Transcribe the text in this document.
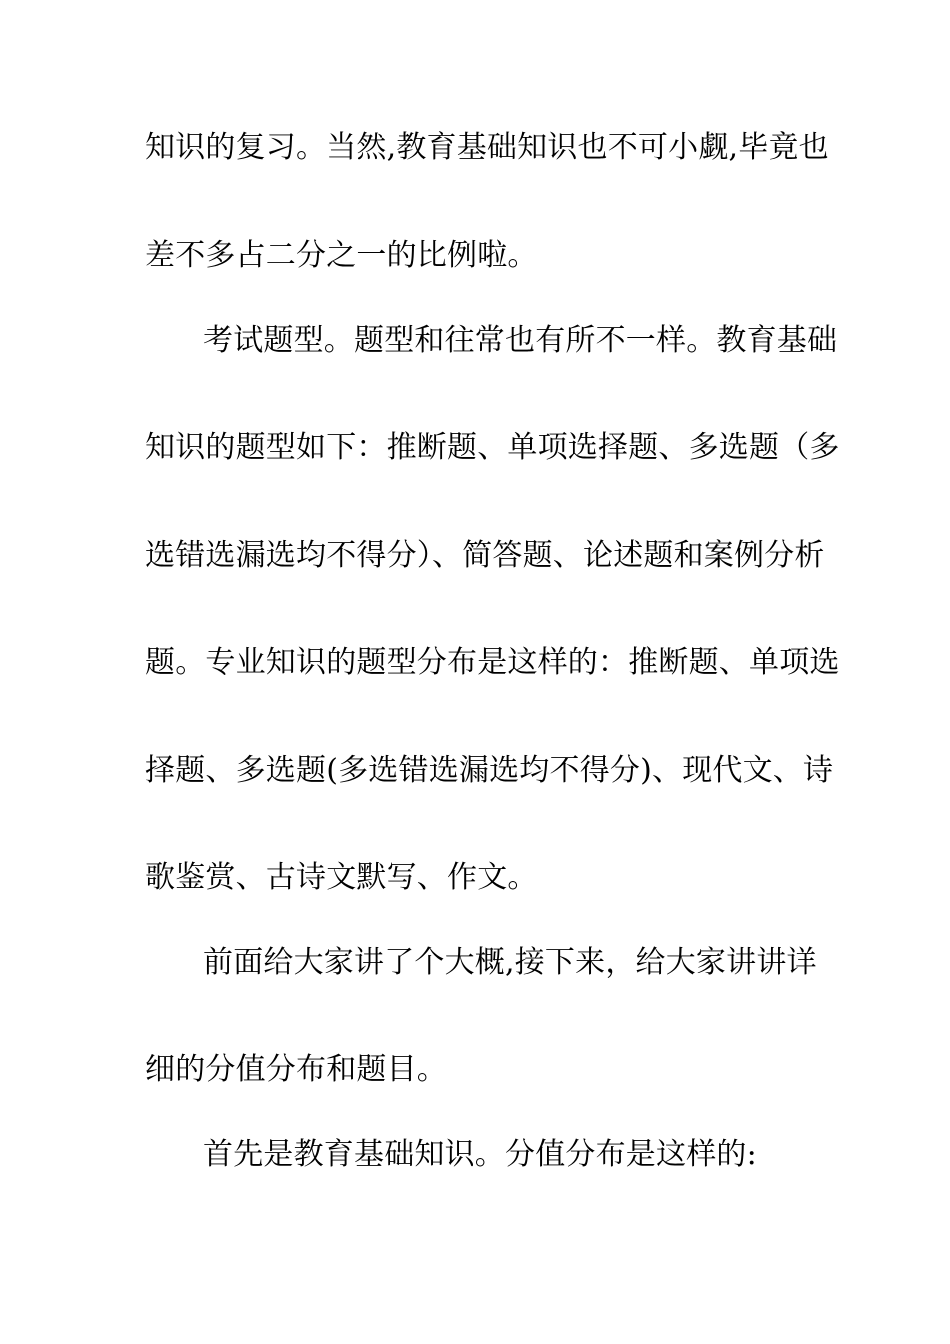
知识的复习。当然,教育基础知识也不可小觑,毕竟也
差不多占二分之一的比例啦。
考试题型。题型和往常也有所不一样。教育基础
知识的题型如下：推断题、单项选择题、多选题（多
选错选漏选均不得分）、简答题、论述题和案例分析
题。专业知识的题型分布是这样的：推断题、单项选
择题、多选题(多选错选漏选均不得分)、现代文、诗
歌鉴赏、古诗文默写、作文。
前面给大家讲了个大概,接下来，给大家讲讲详
细的分值分布和题目。
首先是教育基础知识。分值分布是这样的:
